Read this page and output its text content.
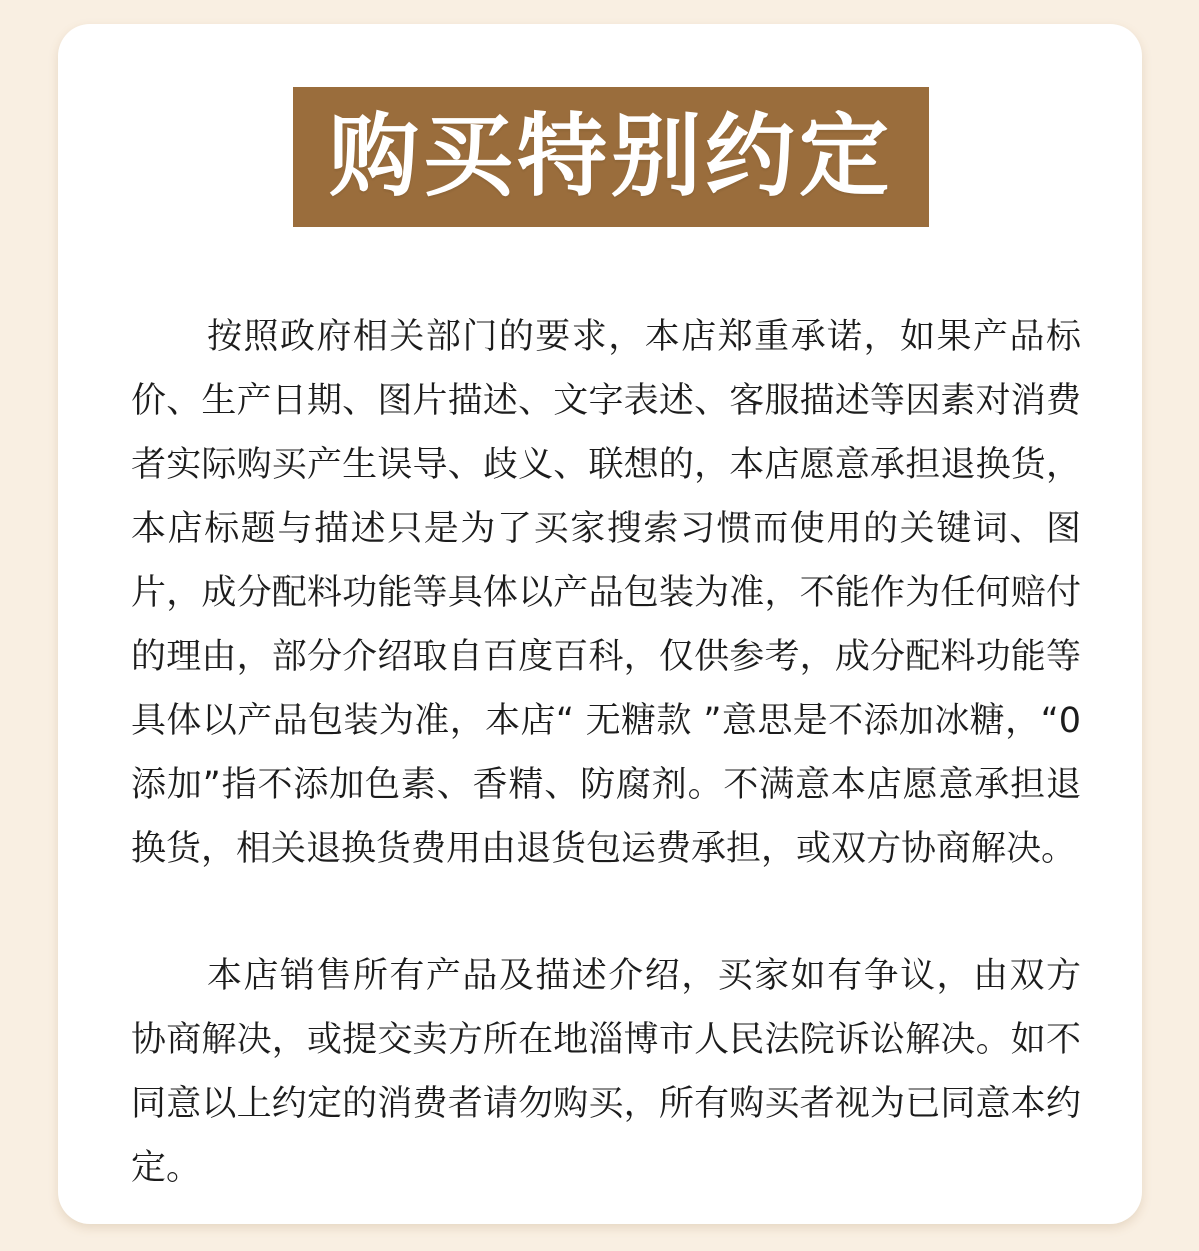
购买特别约定

按照政府相关部门的要求，本店郑重承诺，如果产品标价、生产日期、图片描述、文字表述、客服描述等因素对消费者实际购买产生误导、歧义、联想的，本店愿意承担退换货，本店标题与描述只是为了买家搜索习惯而使用的关键词、图片，成分配料功能等具体以产品包装为准，不能作为任何赔付的理由，部分介绍取自百度百科，仅供参考，成分配料功能等具体以产品包装为准，本店“ 无糖款 ”意思是不添加冰糖，“0添加”指不添加色素、香精、防腐剂。不满意本店愿意承担退换货，相关退换货费用由退货包运费承担，或双方协商解决。

本店销售所有产品及描述介绍，买家如有争议，由双方协商解决，或提交卖方所在地淄博市人民法院诉讼解决。如不同意以上约定的消费者请勿购买，所有购买者视为已同意本约定。
